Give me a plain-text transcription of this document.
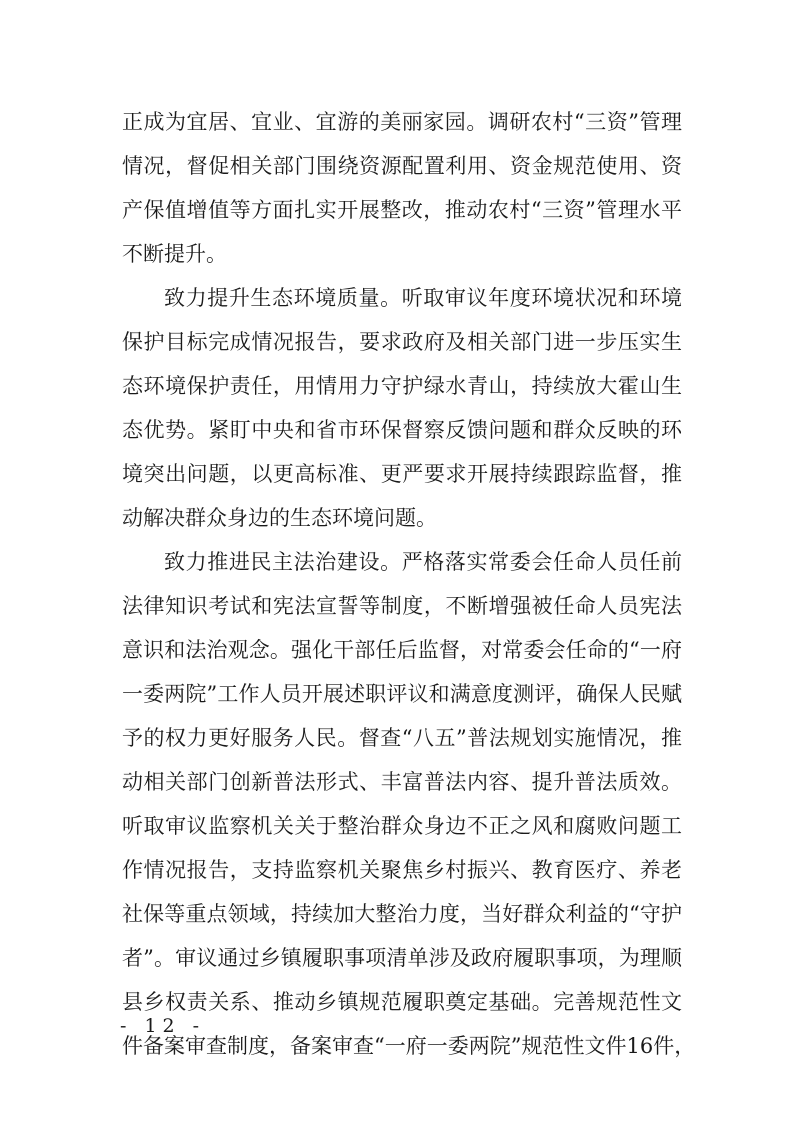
正成为宜居、宜业、宜游的美丽家园。调研农村“三资”管理
情况，督促相关部门围绕资源配置利用、资金规范使用、资
产保值增值等方面扎实开展整改，推动农村“三资”管理水平
不断提升。
致力提升生态环境质量。听取审议年度环境状况和环境
保护目标完成情况报告，要求政府及相关部门进一步压实生
态环境保护责任，用情用力守护绿水青山，持续放大霍山生
态优势。紧盯中央和省市环保督察反馈问题和群众反映的环
境突出问题，以更高标准、更严要求开展持续跟踪监督，推
动解决群众身边的生态环境问题。
致力推进民主法治建设。严格落实常委会任命人员任前
法律知识考试和宪法宣誓等制度，不断增强被任命人员宪法
意识和法治观念。强化干部任后监督，对常委会任命的“一府
一委两院”工作人员开展述职评议和满意度测评，确保人民赋
予的权力更好服务人民。督查“八五”普法规划实施情况，推
动相关部门创新普法形式、丰富普法内容、提升普法质效。
听取审议监察机关关于整治群众身边不正之风和腐败问题工
作情况报告，支持监察机关聚焦乡村振兴、教育医疗、养老
社保等重点领域，持续加大整治力度，当好群众利益的“守护
者”。审议通过乡镇履职事项清单涉及政府履职事项，为理顺
县乡权责关系、推动乡镇规范履职奠定基础。完善规范性文
件备案审查制度，备案审查“一府一委两院”规范性文件16件，
- 12 -
